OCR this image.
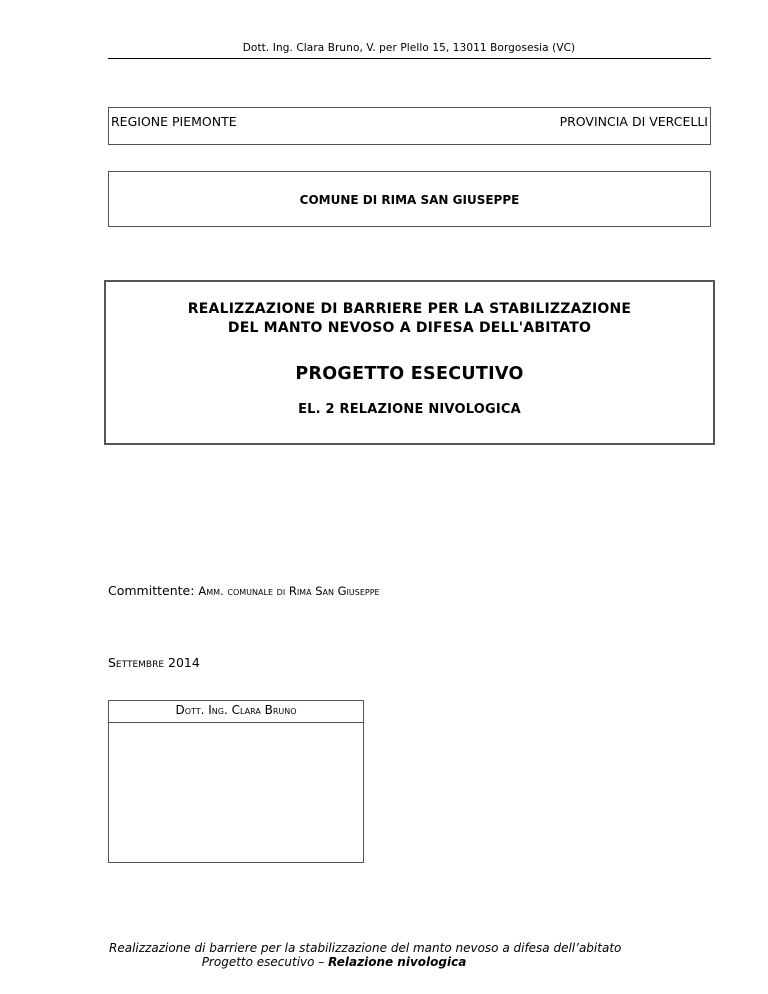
Dott. Ing. Clara Bruno, V. per Plello 15, 13011 Borgosesia (VC)
REGIONE PIEMONTE	PROVINCIA DI VERCELLI
COMUNE DI RIMA SAN GIUSEPPE
REALIZZAZIONE DI BARRIERE PER LA STABILIZZAZIONE
DEL MANTO NEVOSO A DIFESA DELL'ABITATO
PROGETTO ESECUTIVO
EL. 2 RELAZIONE NIVOLOGICA
Committente: Amm. comunale di Rima San Giuseppe
Settembre 2014
Dott. Ing. Clara Bruno
Realizzazione di barriere per la stabilizzazione del manto nevoso a difesa dell’abitato
Progetto esecutivo – Relazione nivologica
